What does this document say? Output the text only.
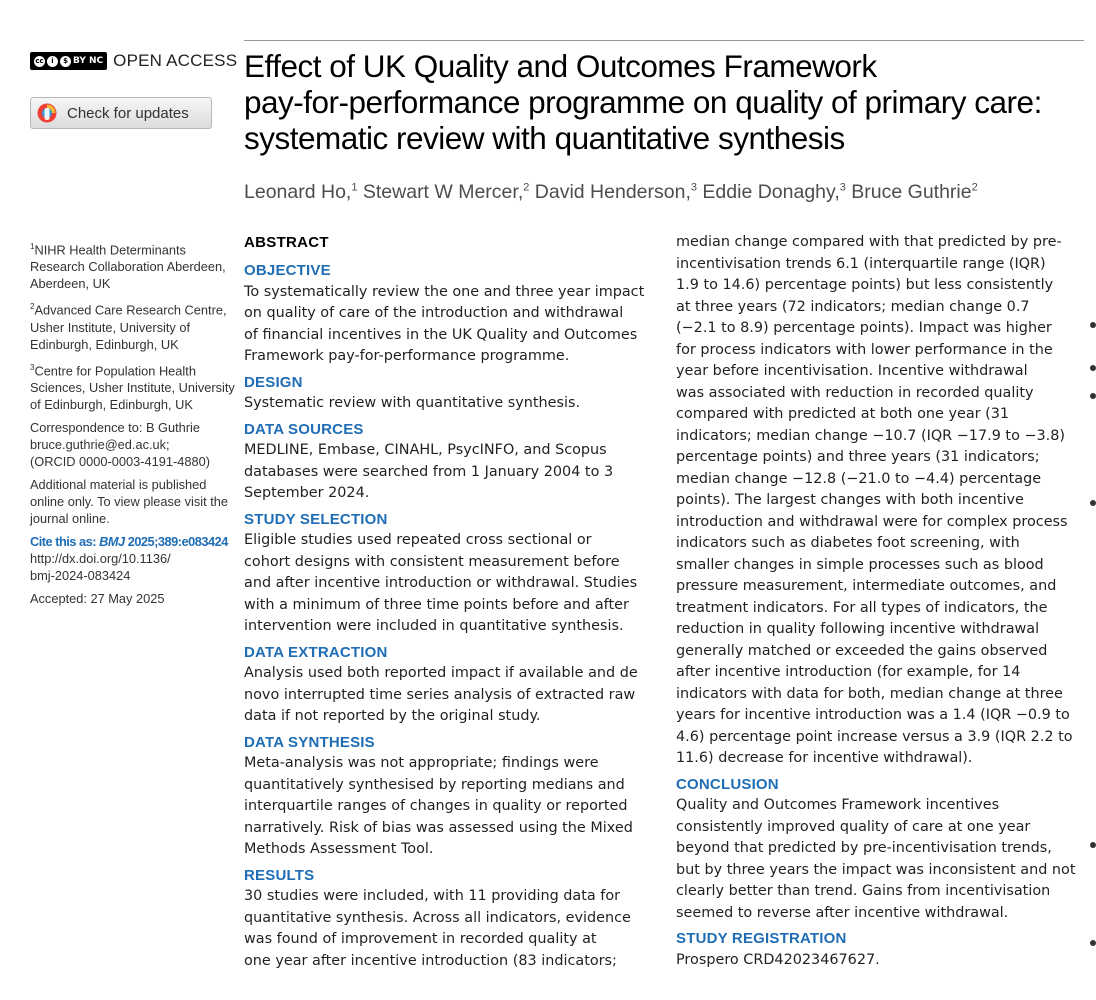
cc	i	$ BY NC OPEN ACCESS
Check for updates
Effect of UK Quality and Outcomes Framework
pay-for-performance programme on quality of primary care:
systematic review with quantitative synthesis
Leonard Ho,$^1$ Stewart W Mercer,$^2$ David Henderson,$^3$ Eddie Donaghy,$^3$ Bruce Guthrie$^2$

$^1$NIHR Health Determinants Research Collaboration Aberdeen, Aberdeen, UK

$^2$Advanced Care Research Centre, Usher Institute, University of Edinburgh, Edinburgh, UK

$^3$Centre for Population Health Sciences, Usher Institute, University of Edinburgh, Edinburgh, UK

Correspondence to: B Guthrie
bruce.guthrie@ed.ac.uk;
(ORCID 0000-0003-4191-4880)

Additional material is published online only. To view please visit the journal online.

Cite this as: BMJ 2025;389:e083424
http://dx.doi.org/10.1136/
bmj-2024-083424

Accepted: 27 May 2025

ABSTRACT
OBJECTIVE

To systematically review the one and three year impact
on quality of care of the introduction and withdrawal
of financial incentives in the UK Quality and Outcomes
Framework pay-for-performance programme.

DESIGN

Systematic review with quantitative synthesis.

DATA SOURCES

MEDLINE, Embase, CINAHL, PsycINFO, and Scopus
databases were searched from 1 January 2004 to 3
September 2024.

STUDY SELECTION

Eligible studies used repeated cross sectional or
cohort designs with consistent measurement before
and after incentive introduction or withdrawal. Studies
with a minimum of three time points before and after
intervention were included in quantitative synthesis.

DATA EXTRACTION

Analysis used both reported impact if available and de
novo interrupted time series analysis of extracted raw
data if not reported by the original study.

DATA SYNTHESIS

Meta-analysis was not appropriate; findings were
quantitatively synthesised by reporting medians and
interquartile ranges of changes in quality or reported
narratively. Risk of bias was assessed using the Mixed
Methods Assessment Tool.

RESULTS

30 studies were included, with 11 providing data for
quantitative synthesis. Across all indicators, evidence
was found of improvement in recorded quality at
one year after incentive introduction (83 indicators;

median change compared with that predicted by pre-
incentivisation trends 6.1 (interquartile range (IQR)
1.9 to 14.6) percentage points) but less consistently
at three years (72 indicators; median change 0.7
(−2.1 to 8.9) percentage points). Impact was higher
for process indicators with lower performance in the
year before incentivisation. Incentive withdrawal
was associated with reduction in recorded quality
compared with predicted at both one year (31
indicators; median change −10.7 (IQR −17.9 to −3.8)
percentage points) and three years (31 indicators;
median change −12.8 (−21.0 to −4.4) percentage
points). The largest changes with both incentive
introduction and withdrawal were for complex process
indicators such as diabetes foot screening, with
smaller changes in simple processes such as blood
pressure measurement, intermediate outcomes, and
treatment indicators. For all types of indicators, the
reduction in quality following incentive withdrawal
generally matched or exceeded the gains observed
after incentive introduction (for example, for 14
indicators with data for both, median change at three
years for incentive introduction was a 1.4 (IQR −0.9 to
4.6) percentage point increase versus a 3.9 (IQR 2.2 to
11.6) decrease for incentive withdrawal).

CONCLUSION

Quality and Outcomes Framework incentives
consistently improved quality of care at one year
beyond that predicted by pre-incentivisation trends,
but by three years the impact was inconsistent and not
clearly better than trend. Gains from incentivisation
seemed to reverse after incentive withdrawal.

STUDY REGISTRATION

Prospero CRD42023467627.
